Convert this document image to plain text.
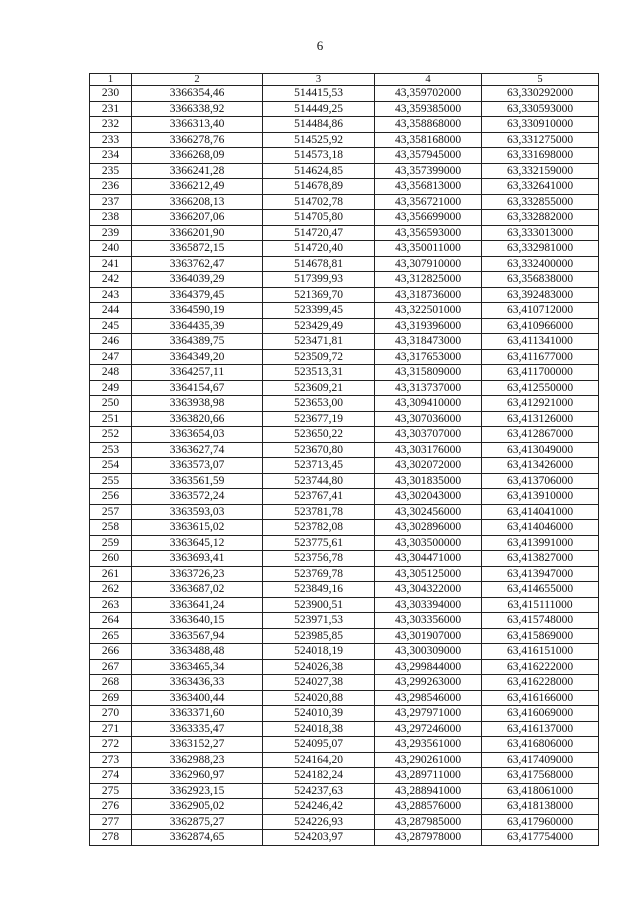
6
1	2	3	4	5
230	3366354,46	514415,53	43,359702000	63,330292000
231	3366338,92	514449,25	43,359385000	63,330593000
232	3366313,40	514484,86	43,358868000	63,330910000
233	3366278,76	514525,92	43,358168000	63,331275000
234	3366268,09	514573,18	43,357945000	63,331698000
235	3366241,28	514624,85	43,357399000	63,332159000
236	3366212,49	514678,89	43,356813000	63,332641000
237	3366208,13	514702,78	43,356721000	63,332855000
238	3366207,06	514705,80	43,356699000	63,332882000
239	3366201,90	514720,47	43,356593000	63,333013000
240	3365872,15	514720,40	43,350011000	63,332981000
241	3363762,47	514678,81	43,307910000	63,332400000
242	3364039,29	517399,93	43,312825000	63,356838000
243	3364379,45	521369,70	43,318736000	63,392483000
244	3364590,19	523399,45	43,322501000	63,410712000
245	3364435,39	523429,49	43,319396000	63,410966000
246	3364389,75	523471,81	43,318473000	63,411341000
247	3364349,20	523509,72	43,317653000	63,411677000
248	3364257,11	523513,31	43,315809000	63,411700000
249	3364154,67	523609,21	43,313737000	63,412550000
250	3363938,98	523653,00	43,309410000	63,412921000
251	3363820,66	523677,19	43,307036000	63,413126000
252	3363654,03	523650,22	43,303707000	63,412867000
253	3363627,74	523670,80	43,303176000	63,413049000
254	3363573,07	523713,45	43,302072000	63,413426000
255	3363561,59	523744,80	43,301835000	63,413706000
256	3363572,24	523767,41	43,302043000	63,413910000
257	3363593,03	523781,78	43,302456000	63,414041000
258	3363615,02	523782,08	43,302896000	63,414046000
259	3363645,12	523775,61	43,303500000	63,413991000
260	3363693,41	523756,78	43,304471000	63,413827000
261	3363726,23	523769,78	43,305125000	63,413947000
262	3363687,02	523849,16	43,304322000	63,414655000
263	3363641,24	523900,51	43,303394000	63,415111000
264	3363640,15	523971,53	43,303356000	63,415748000
265	3363567,94	523985,85	43,301907000	63,415869000
266	3363488,48	524018,19	43,300309000	63,416151000
267	3363465,34	524026,38	43,299844000	63,416222000
268	3363436,33	524027,38	43,299263000	63,416228000
269	3363400,44	524020,88	43,298546000	63,416166000
270	3363371,60	524010,39	43,297971000	63,416069000
271	3363335,47	524018,38	43,297246000	63,416137000
272	3363152,27	524095,07	43,293561000	63,416806000
273	3362988,23	524164,20	43,290261000	63,417409000
274	3362960,97	524182,24	43,289711000	63,417568000
275	3362923,15	524237,63	43,288941000	63,418061000
276	3362905,02	524246,42	43,288576000	63,418138000
277	3362875,27	524226,93	43,287985000	63,417960000
278	3362874,65	524203,97	43,287978000	63,417754000
